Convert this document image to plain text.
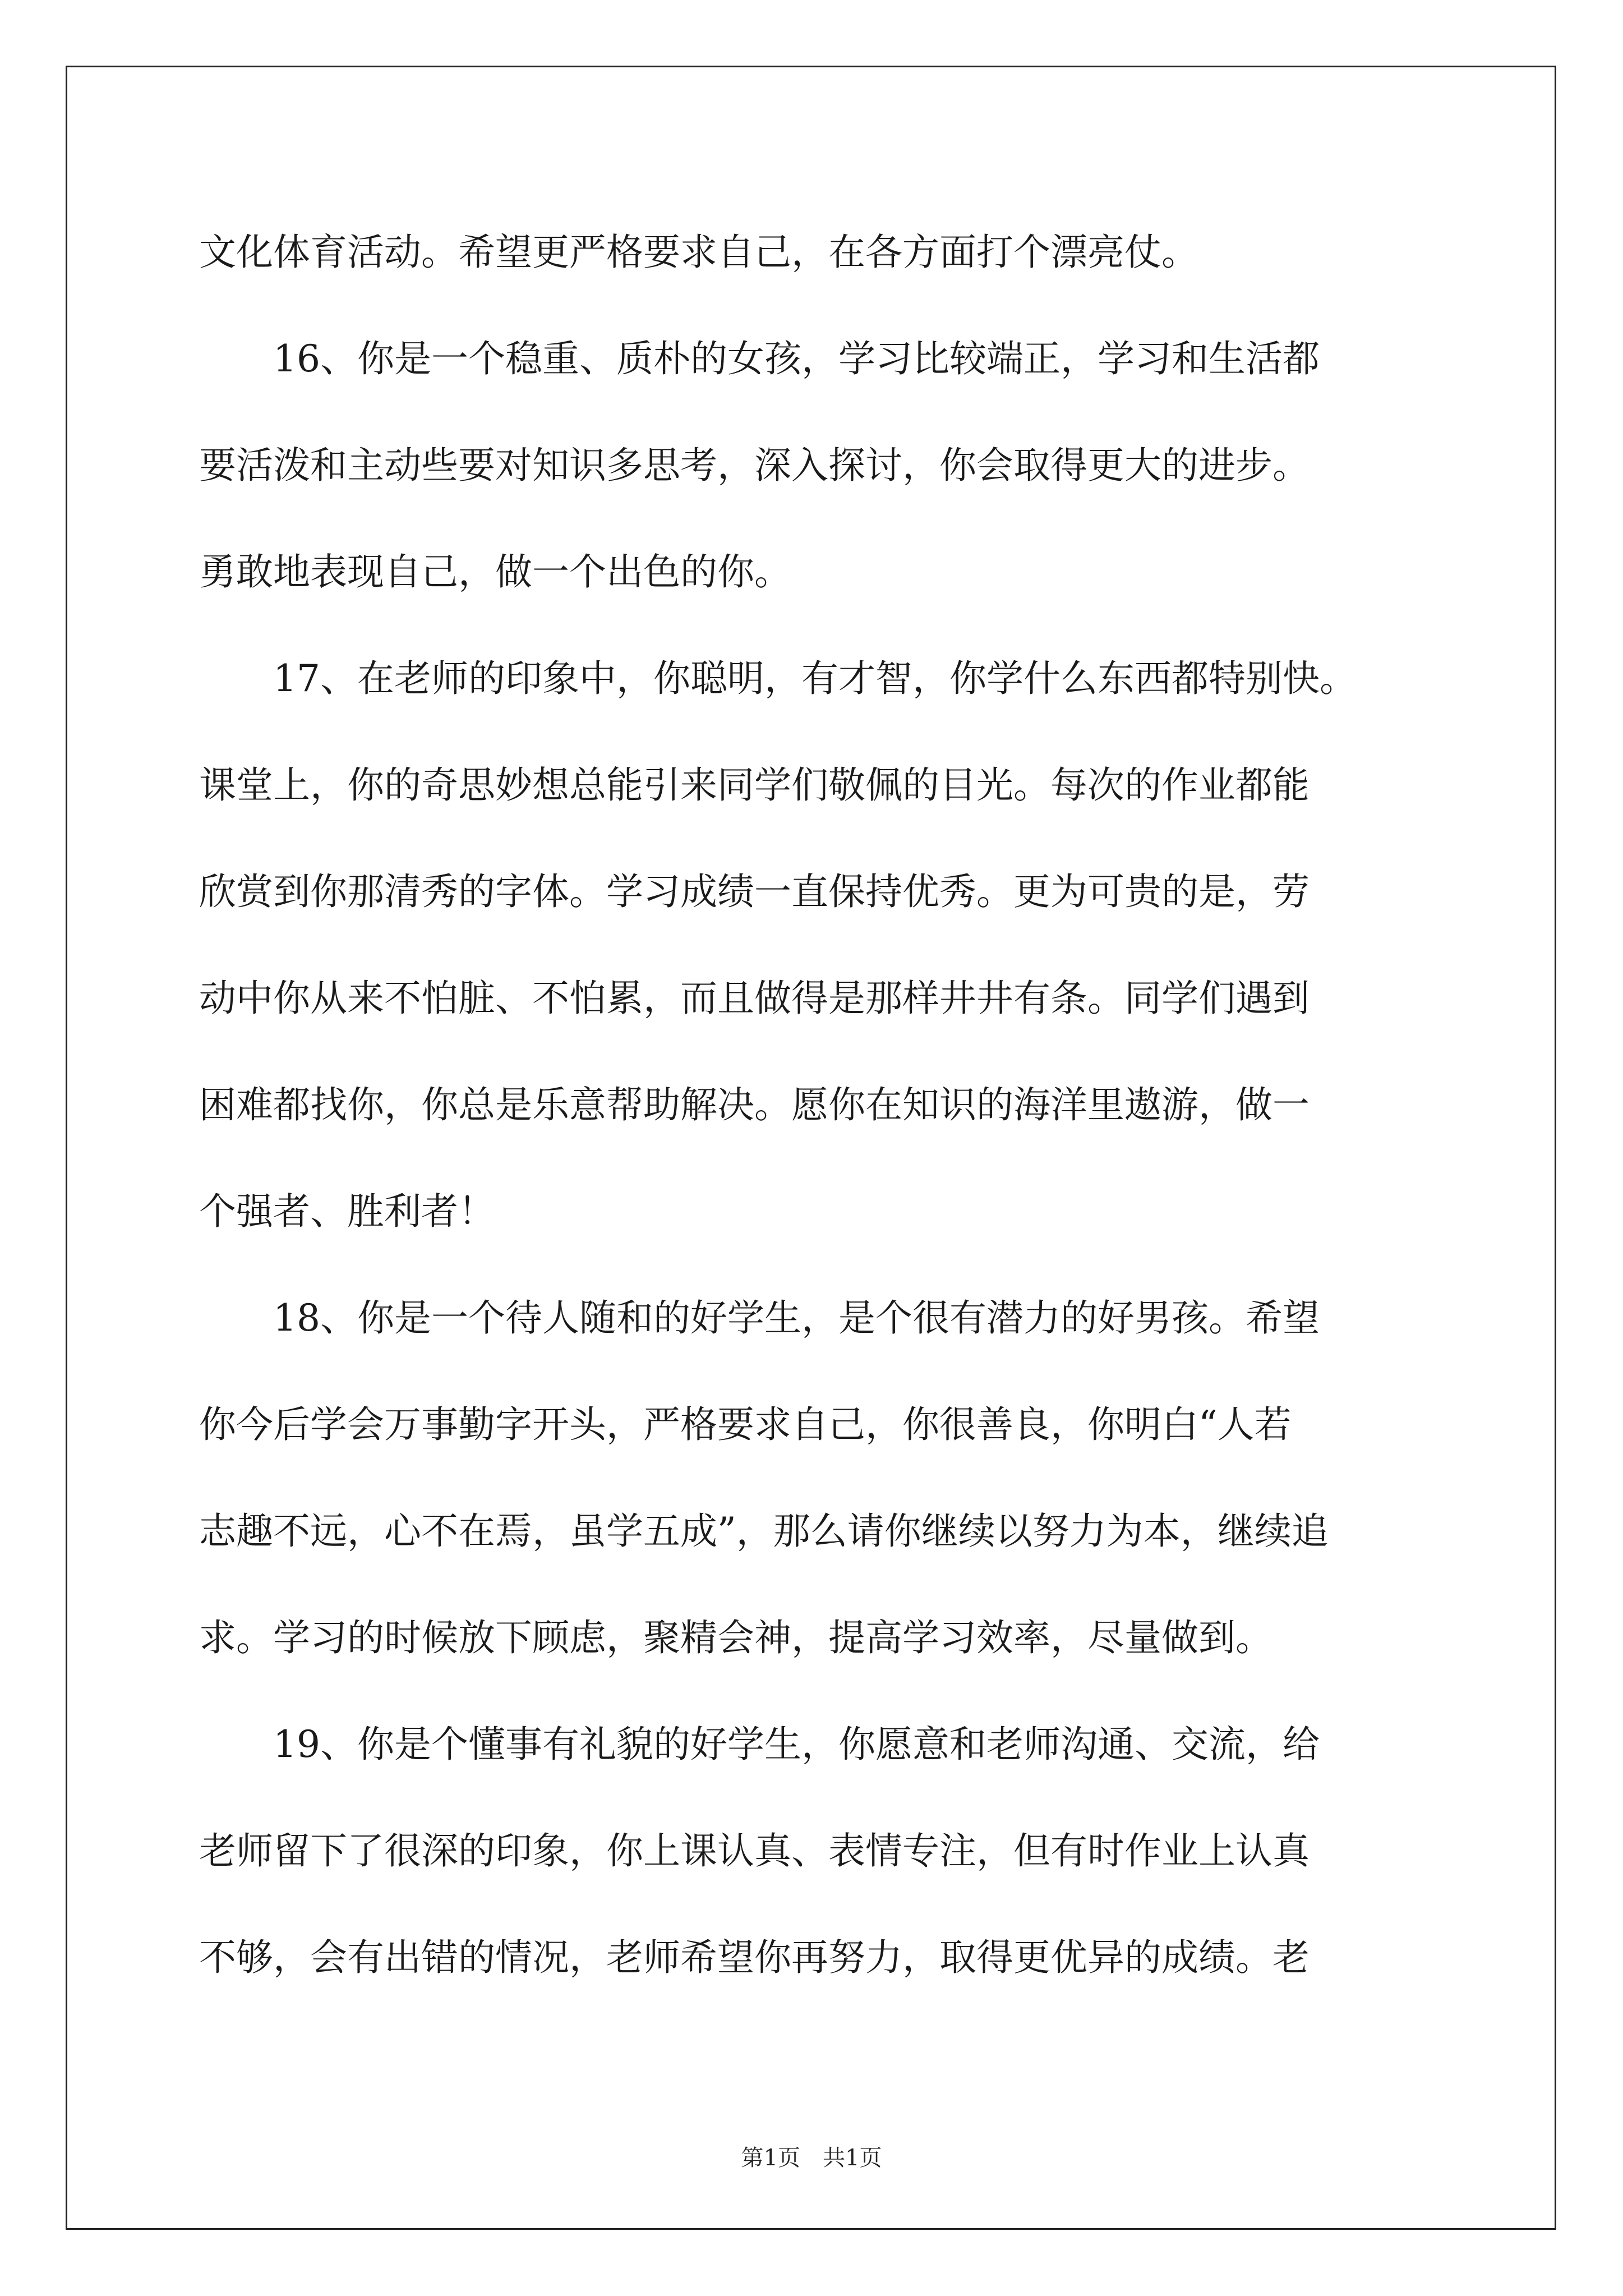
文化体育活动。希望更严格要求自己，在各方面打个漂亮仗。
16、你是一个稳重、质朴的女孩，学习比较端正，学习和生活都
要活泼和主动些要对知识多思考，深入探讨，你会取得更大的进步。
勇敢地表现自己，做一个出色的你。
17、在老师的印象中，你聪明，有才智，你学什么东西都特别快。
课堂上，你的奇思妙想总能引来同学们敬佩的目光。每次的作业都能
欣赏到你那清秀的字体。学习成绩一直保持优秀。更为可贵的是，劳
动中你从来不怕脏、不怕累，而且做得是那样井井有条。同学们遇到
困难都找你，你总是乐意帮助解决。愿你在知识的海洋里遨游，做一
个强者、胜利者！
18、你是一个待人随和的好学生，是个很有潜力的好男孩。希望
你今后学会万事勤字开头，严格要求自己，你很善良，你明白“人若
志趣不远，心不在焉，虽学五成”，那么请你继续以努力为本，继续追
求。学习的时候放下顾虑，聚精会神，提高学习效率，尽量做到。
19、你是个懂事有礼貌的好学生，你愿意和老师沟通、交流，给
老师留下了很深的印象，你上课认真、表情专注，但有时作业上认真
不够，会有出错的情况，老师希望你再努力，取得更优异的成绩。老
第1页　共1页
